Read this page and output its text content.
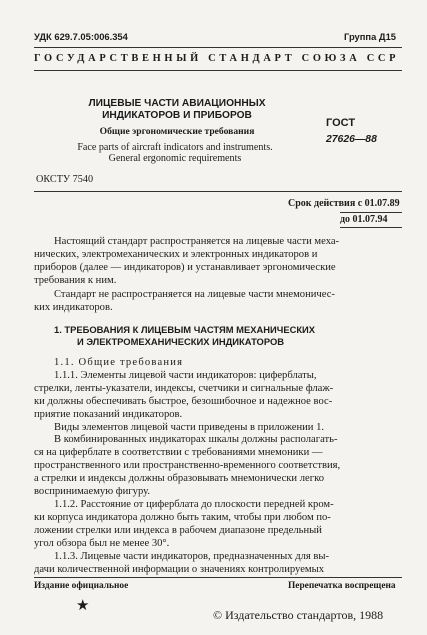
УДК 629.7.05:006.354	Группа Д15
ГОСУДАРСТВЕННЫЙ СТАНДАРТ СОЮЗА ССР
ЛИЦЕВЫЕ ЧАСТИ АВИАЦИОННЫХ
ИНДИКАТОРОВ И ПРИБОРОВ
Общие эргономические требования
Face parts of aircraft indicators and instruments.
General ergonomic requirements
ГОСТ
27626—88
ОКСТУ 7540
Срок действия с 01.07.89
до 01.07.94
Настоящий стандарт распространяется на лицевые части меха-
нических, электромеханических и электронных индикаторов и
приборов (далее — индикаторов) и устанавливает эргономические
требования к ним.
Стандарт не распространяется на лицевые части мнемоничес-
ких индикаторов.
1. ТРЕБОВАНИЯ К ЛИЦЕВЫМ ЧАСТЯМ МЕХАНИЧЕСКИХ
И ЭЛЕКТРОМЕХАНИЧЕСКИХ ИНДИКАТОРОВ
1.1. Общие требования
1.1.1. Элементы лицевой части индикаторов: циферблаты,
стрелки, ленты-указатели, индексы, счетчики и сигнальные флаж-
ки должны обеспечивать быстрое, безошибочное и надежное вос-
приятие показаний индикаторов.
Виды элементов лицевой части приведены в приложении 1.
В комбинированных индикаторах шкалы должны располагать-
ся на циферблате в соответствии с требованиями мнемоники —
пространственного или пространственно-временного соответствия,
а стрелки и индексы должны образовывать мнемонически легко
воспринимаемую фигуру.
1.1.2. Расстояние от циферблата до плоскости передней кром-
ки корпуса индикатора должно быть таким, чтобы при любом по-
ложении стрелки или индекса в рабочем диапазоне предельный
угол обзора был не менее 30°.
1.1.3. Лицевые части индикаторов, предназначенных для вы-
дачи количественной информации о значениях контролируемых
Издание официальное	Перепечатка воспрещена
★
© Издательство стандартов, 1988
